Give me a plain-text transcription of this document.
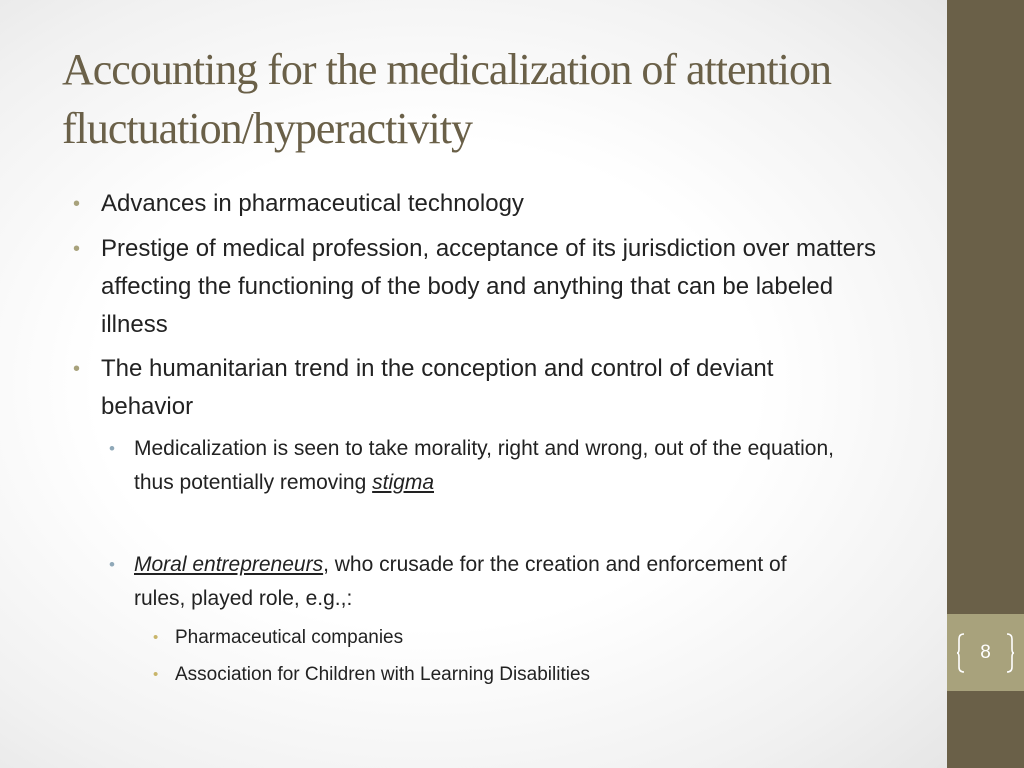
Accounting for the medicalization of attention fluctuation/hyperactivity
• Advances in pharmaceutical technology
• Prestige of medical profession, acceptance of its jurisdiction over matters affecting the functioning of the body and anything that can be labeled illness
• The humanitarian trend in the conception and control of deviant behavior
• Medicalization is seen to take morality, right and wrong, out of the equation, thus potentially removing stigma
• Moral entrepreneurs, who crusade for the creation and enforcement of rules, played role, e.g.,:
• Pharmaceutical companies
• Association for Children with Learning Disabilities
8
